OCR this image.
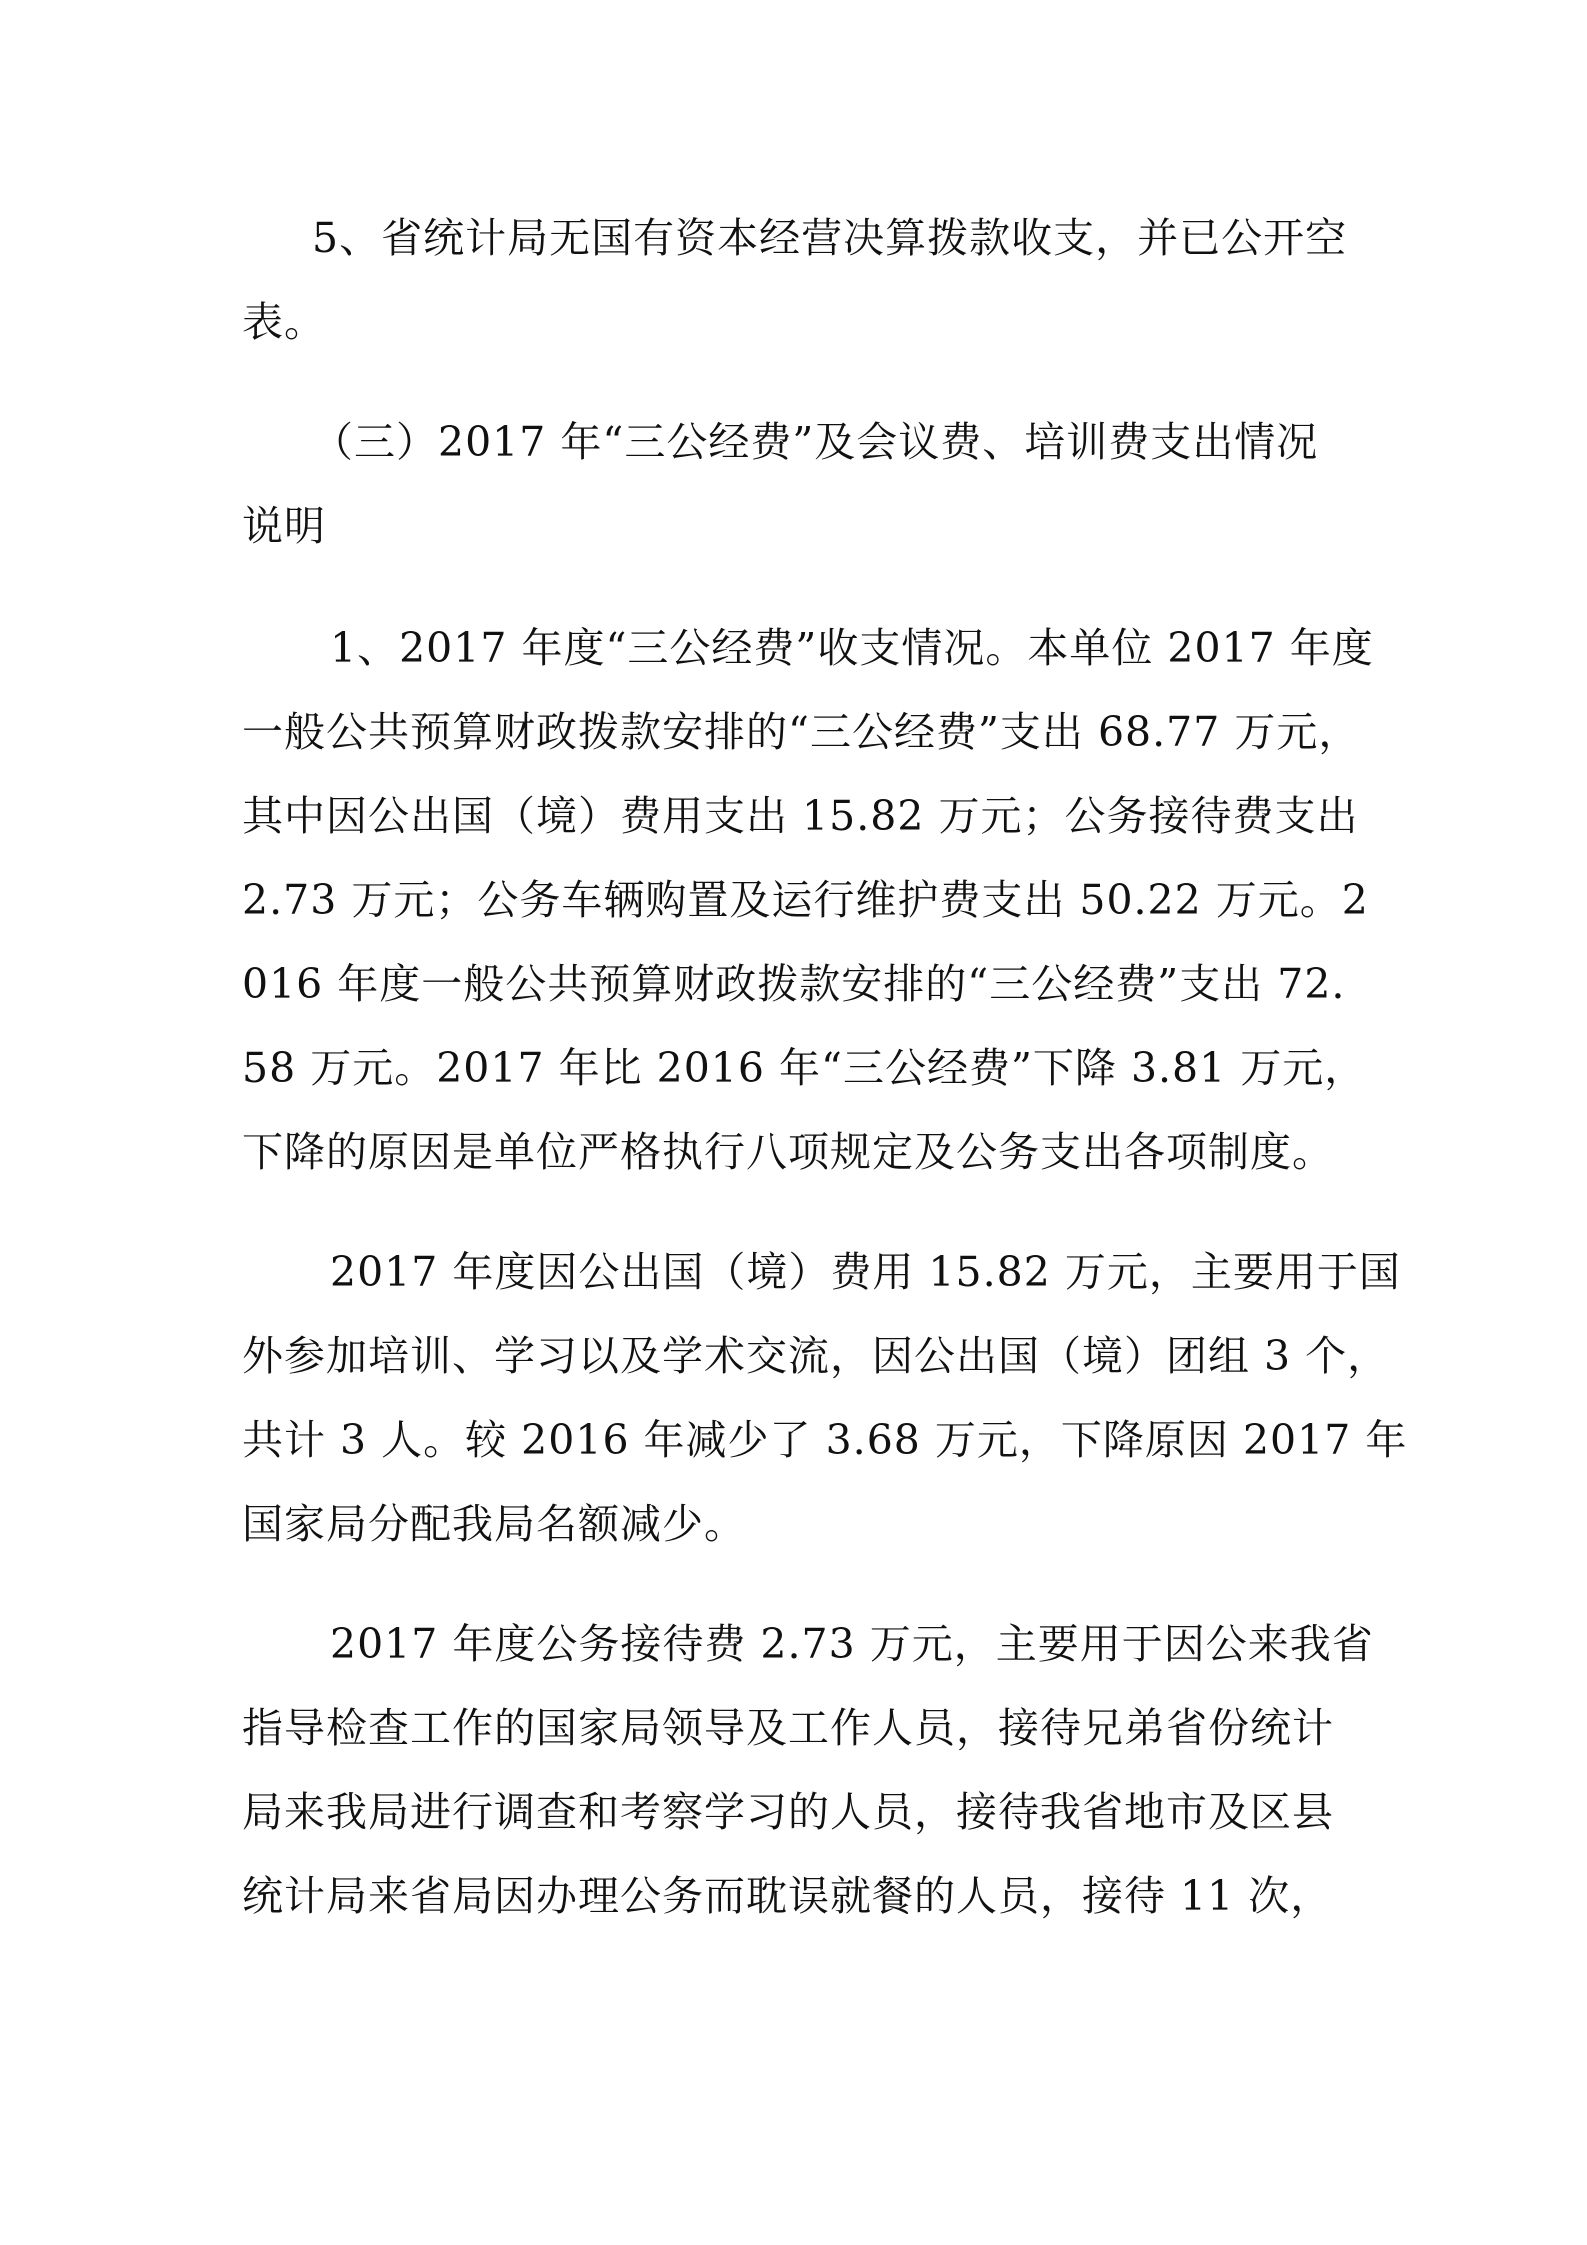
5、省统计局无国有资本经营决算拨款收支，并已公开空
表。
（三）2017 年“三公经费”及会议费、培训费支出情况
说明
1、2017 年度“三公经费”收支情况。本单位 2017 年度
一般公共预算财政拨款安排的“三公经费”支出 68.77 万元，
其中因公出国（境）费用支出 15.82 万元；公务接待费支出
2.73 万元；公务车辆购置及运行维护费支出 50.22 万元。2
016 年度一般公共预算财政拨款安排的“三公经费”支出 72.
58 万元。2017 年比 2016 年“三公经费”下降 3.81 万元，
下降的原因是单位严格执行八项规定及公务支出各项制度。
2017 年度因公出国（境）费用 15.82 万元，主要用于国
外参加培训、学习以及学术交流，因公出国（境）团组 3 个，
共计 3 人。较 2016 年减少了 3.68 万元，下降原因 2017 年
国家局分配我局名额减少。
2017 年度公务接待费 2.73 万元，主要用于因公来我省
指导检查工作的国家局领导及工作人员，接待兄弟省份统计
局来我局进行调查和考察学习的人员，接待我省地市及区县
统计局来省局因办理公务而耽误就餐的人员，接待 11 次，
